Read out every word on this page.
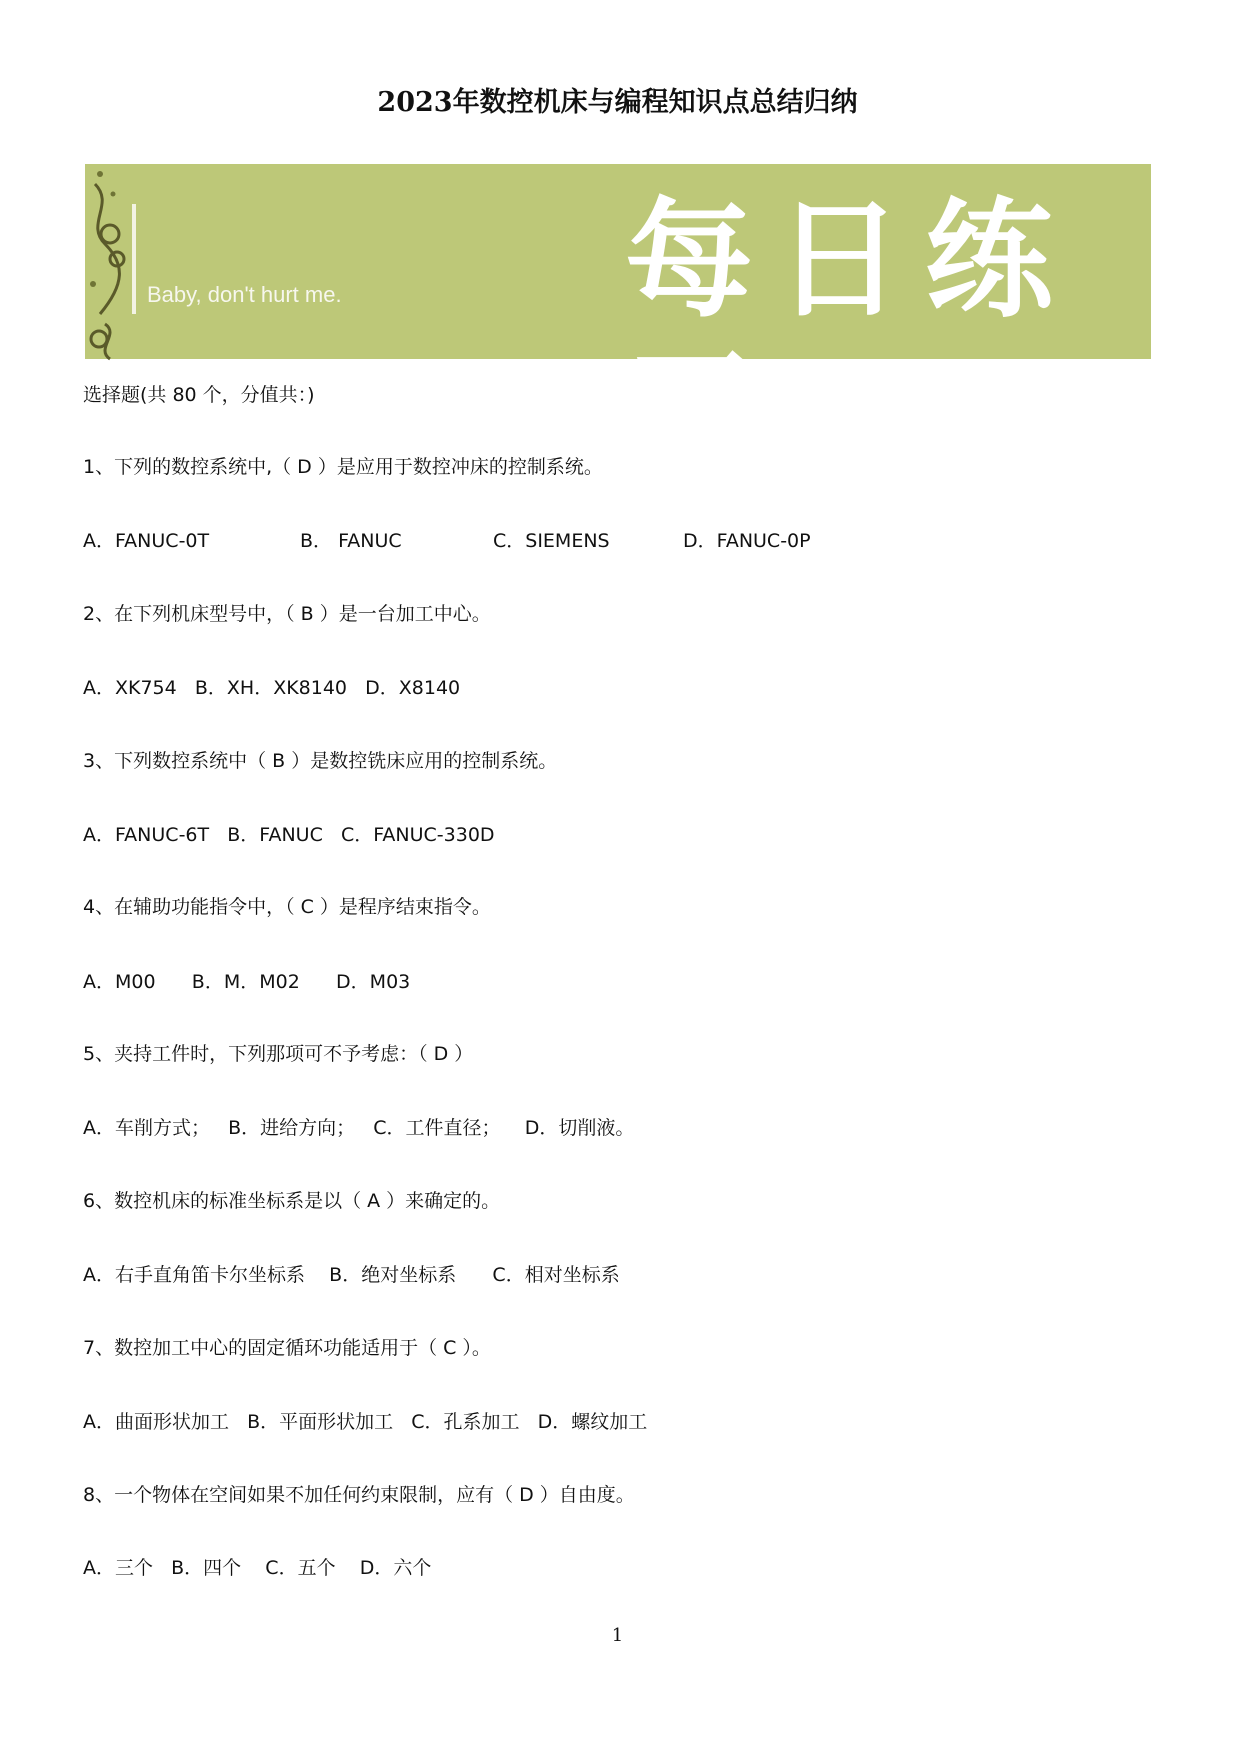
2023年数控机床与编程知识点总结归纳
Baby, don't hurt me. 每日练习
选择题(共 80 个，分值共：)
1、下列的数控系统中,（ D ）是应用于数控冲床的控制系统。
A．FANUC-0T	B． FANUC	C．SIEMENS	D．FANUC-0P
2、在下列机床型号中，（ B ）是一台加工中心。
A．XK754   B．XH．XK8140   D．X8140
3、下列数控系统中（ B ）是数控铣床应用的控制系统。
A．FANUC-6T   B．FANUC   C．FANUC-330D
4、在辅助功能指令中，（ C ）是程序结束指令。
A．M00      B．M．M02      D．M03
5、夹持工件时，下列那项可不予考虑：（ D ）
A．车削方式；   B．进给方向；   C．工件直径；    D．切削液。
6、数控机床的标准坐标系是以（ A ）来确定的。
A．右手直角笛卡尔坐标系    B．绝对坐标系      C．相对坐标系
7、数控加工中心的固定循环功能适用于（ C ）。
A．曲面形状加工   B．平面形状加工   C．孔系加工   D．螺纹加工
8、一个物体在空间如果不加任何约束限制，应有（ D ）自由度。
A．三个   B．四个    C．五个    D．六个
1
